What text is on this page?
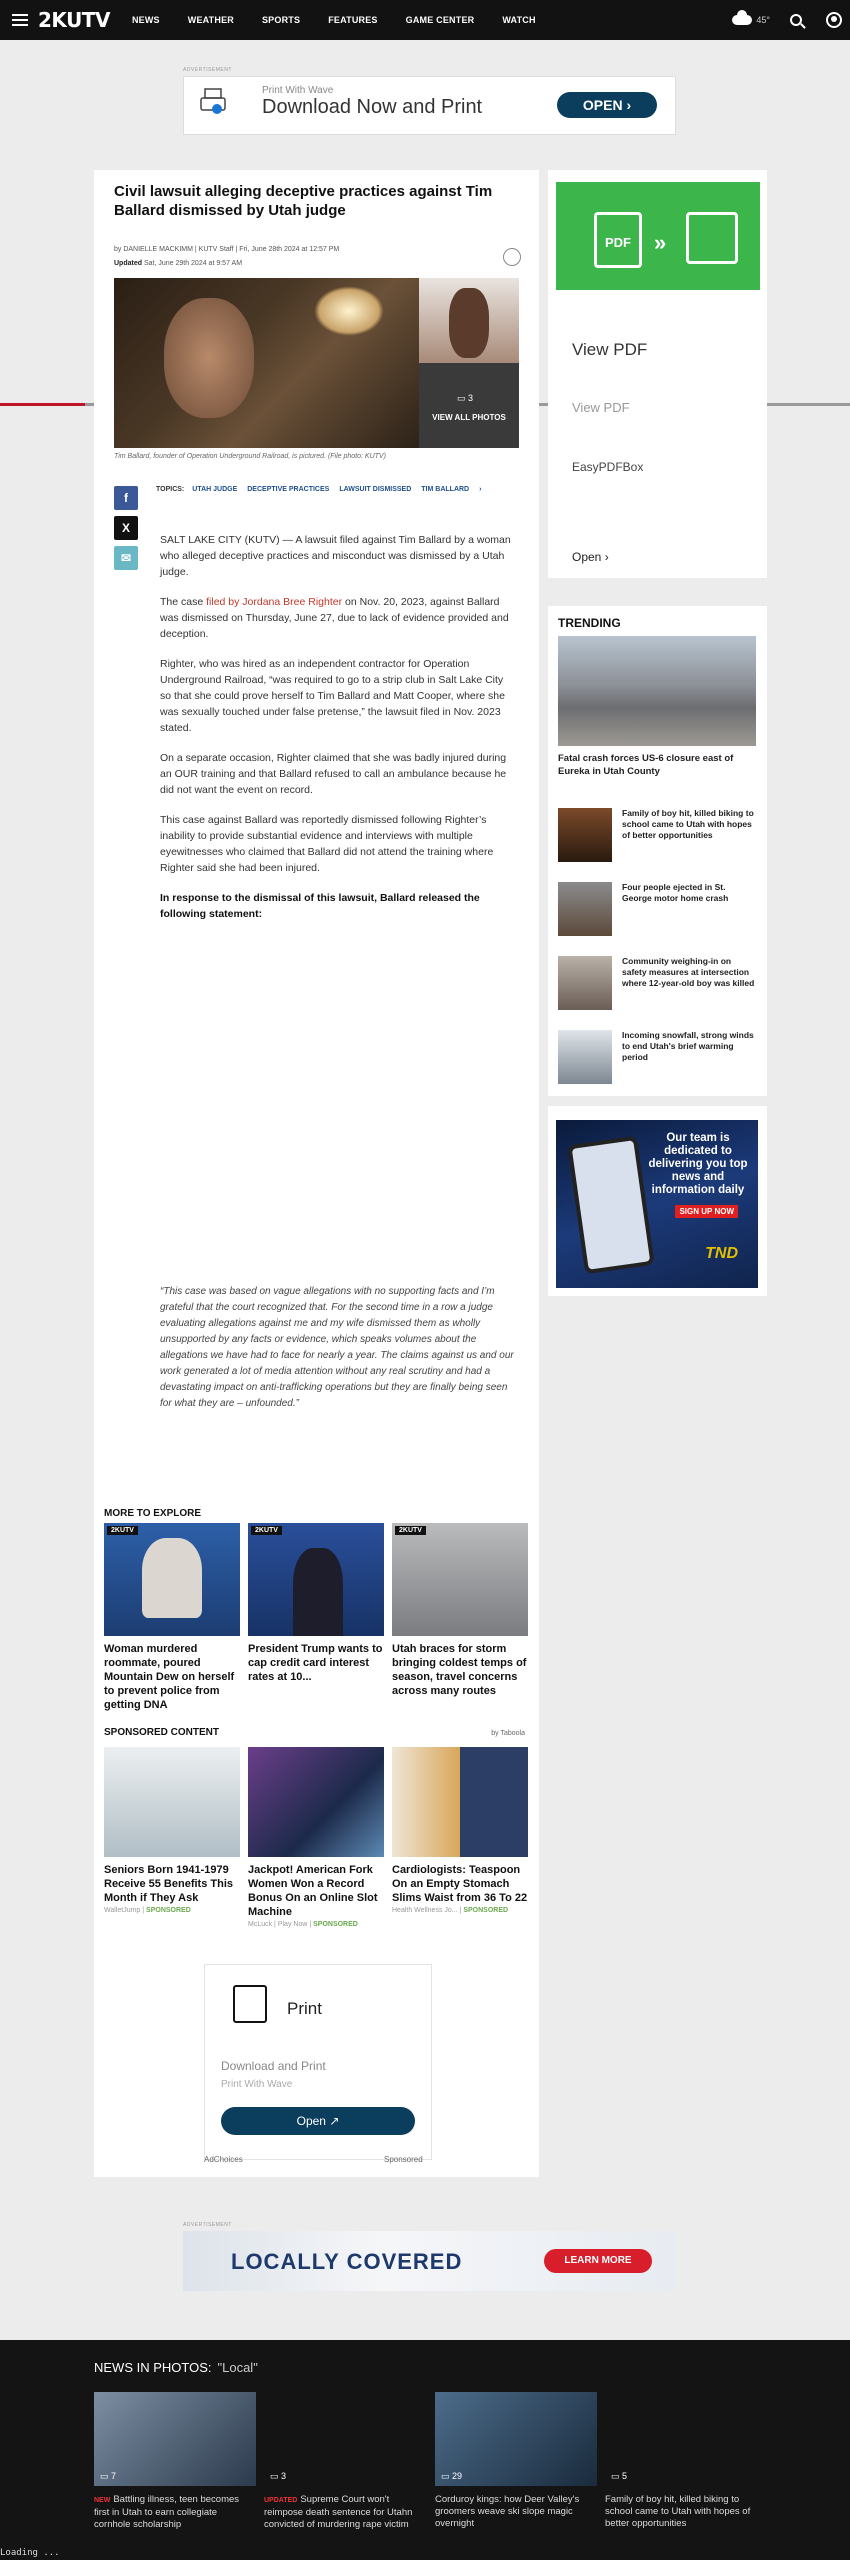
2KUTV NEWS	WEATHER	SPORTS	FEATURES	GAME CENTER	WATCH	45°
ADVERTISEMENT
Print With Wave
Download Now and Print	OPEN ›
Civil lawsuit alleging deceptive practices against Tim Ballard dismissed by Utah judge
by DANIELLE MACKIMM | KUTV Staff | Fri, June 28th 2024 at 12:57 PM
Updated Sat, June 29th 2024 at 9:57 AM
▭ 3
VIEW ALL PHOTOS
Tim Ballard, founder of Operation Underground Railroad, is pictured. (File photo: KUTV)
f
X
✉
TOPICS: UTAH JUDGE DECEPTIVE PRACTICES LAWSUIT DISMISSED TIM BALLARD ›

SALT LAKE CITY (KUTV) — A lawsuit filed against Tim Ballard by a woman who alleged deceptive practices and misconduct was dismissed by a Utah judge.

The case filed by Jordana Bree Righter on Nov. 20, 2023, against Ballard was dismissed on Thursday, June 27, due to lack of evidence provided and deception.

Righter, who was hired as an independent contractor for Operation Underground Railroad, “was required to go to a strip club in Salt Lake City so that she could prove herself to Tim Ballard and Matt Cooper, where she was sexually touched under false pretense,” the lawsuit filed in Nov. 2023 stated.

On a separate occasion, Righter claimed that she was badly injured during an OUR training and that Ballard refused to call an ambulance because he did not want the event on record.

This case against Ballard was reportedly dismissed following Righter’s inability to provide substantial evidence and interviews with multiple eyewitnesses who claimed that Ballard did not attend the training where Righter said she had been injured.

In response to the dismissal of this lawsuit, Ballard released the following statement:

“This case was based on vague allegations with no supporting facts and I’m grateful that the court recognized that. For the second time in a row a judge evaluating allegations against me and my wife dismissed them as wholly unsupported by any facts or evidence, which speaks volumes about the allegations we have had to face for nearly a year. The claims against us and our work generated a lot of media attention without any real scrutiny and had a devastating impact on anti-trafficking operations but they are finally being seen for what they are – unfounded.”
MORE TO EXPLORE
2KUTV
Woman murdered roommate, poured Mountain Dew on herself to prevent police from getting DNA
2KUTV
President Trump wants to cap credit card interest rates at 10...
2KUTV
Utah braces for storm bringing coldest temps of season, travel concerns across many routes
SPONSORED CONTENT	by Taboola
Seniors Born 1941-1979 Receive 55 Benefits This Month if They Ask
WalletJump | SPONSORED
Jackpot! American Fork Women Won a Record Bonus On an Online Slot Machine
McLuck | Play Now | SPONSORED
Cardiologists: Teaspoon On an Empty Stomach Slims Waist from 36 To 22
Health Wellness Jo... | SPONSORED
Print
Download and Print
Print With Wave
Open ↗
AdChoices	Sponsored
PDF	»
View PDF
View PDF
EasyPDFBox
Open ›
TRENDING
Fatal crash forces US-6 closure east of Eureka in Utah County
Family of boy hit, killed biking to school came to Utah with hopes of better opportunities
Four people ejected in St. George motor home crash
Community weighing-in on safety measures at intersection where 12-year-old boy was killed
Incoming snowfall, strong winds to end Utah's brief warming period
Our team is dedicated to delivering you top news and information daily
SIGN UP NOW
TND
ADVERTISEMENT
LOCALLY COVERED	LEARN MORE
NEWS IN PHOTOS: "Local"
▭ 7
NEW Battling illness, teen becomes first in Utah to earn collegiate cornhole scholarship
▭ 3
UPDATED Supreme Court won't reimpose death sentence for Utahn convicted of murdering rape victim
▭ 29
Corduroy kings: how Deer Valley's groomers weave ski slope magic overnight
▭ 5
Family of boy hit, killed biking to school came to Utah with hopes of better opportunities
Loading ...
